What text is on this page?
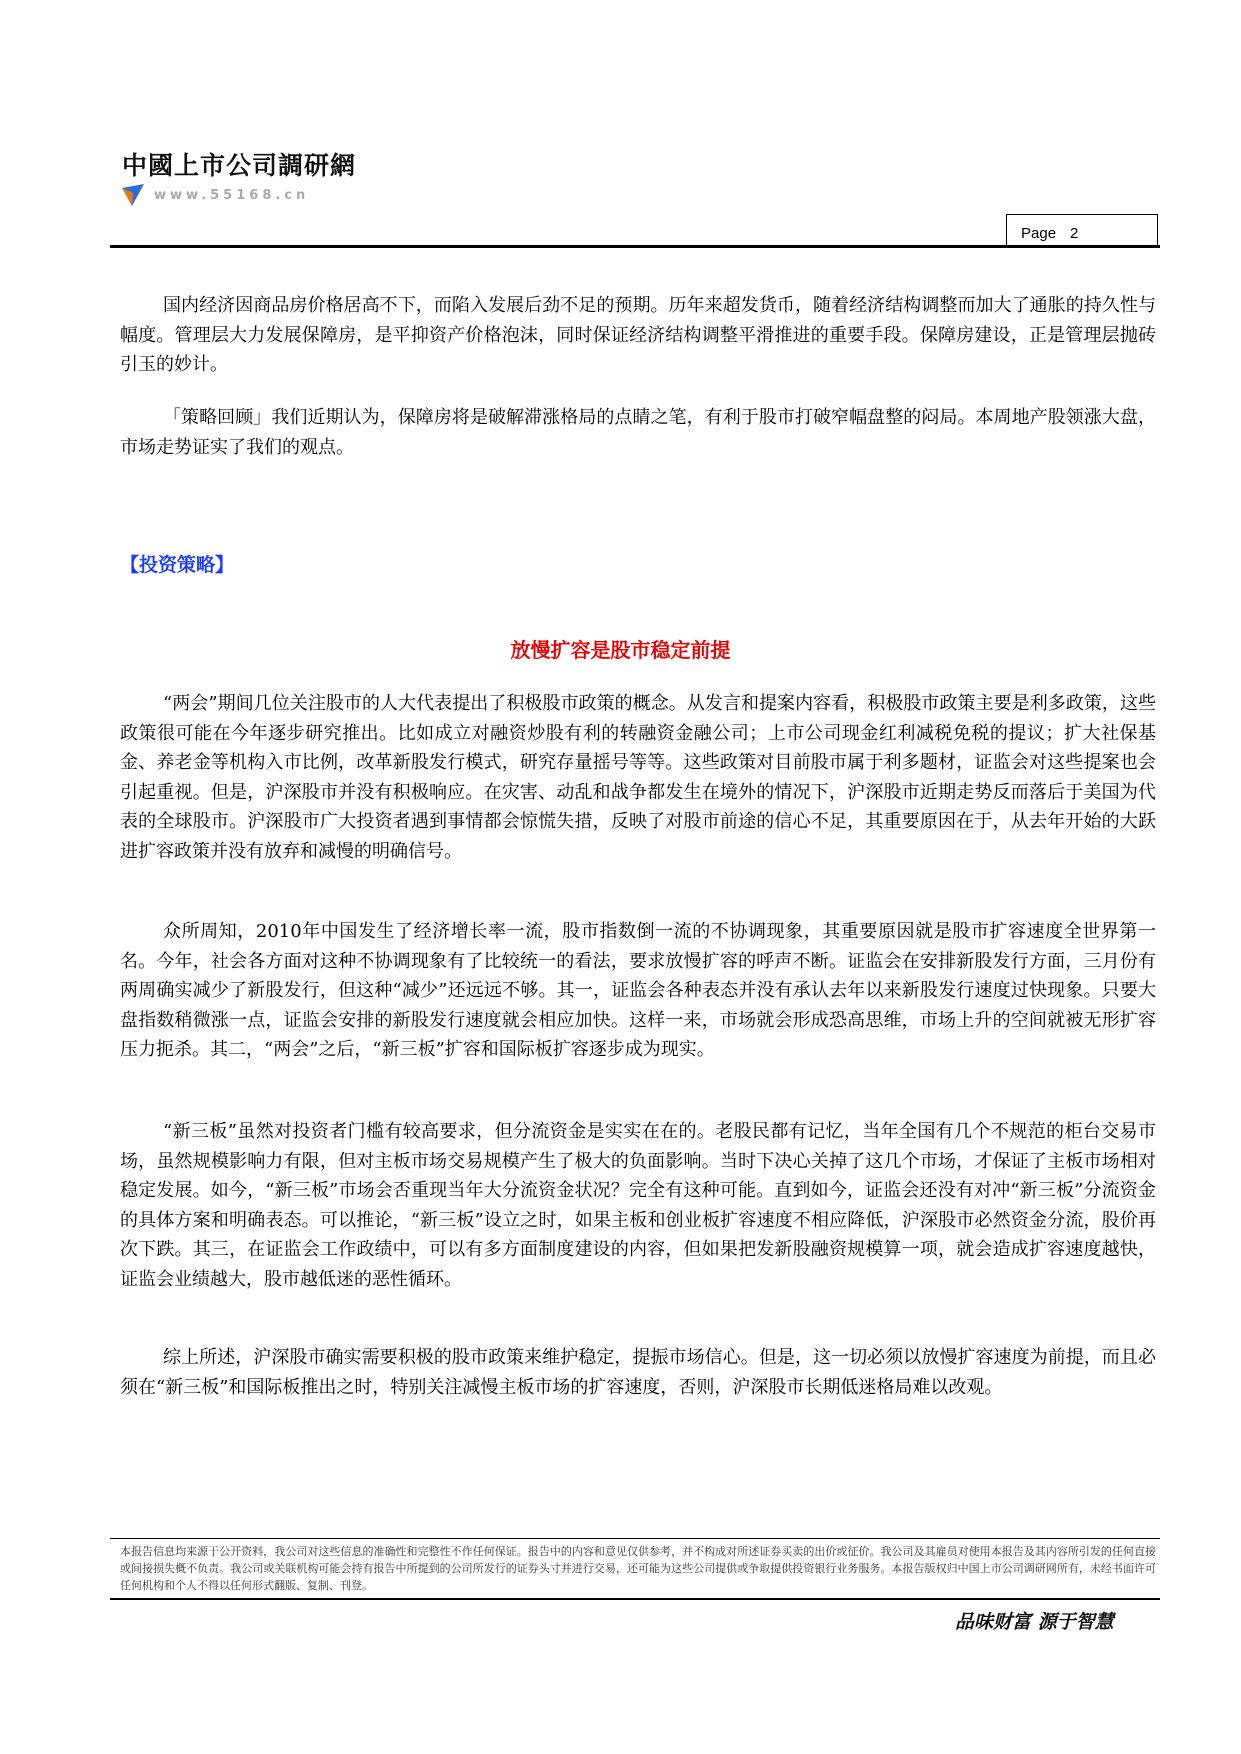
中國上市公司調研網
www.55168.cn
Page 2

国内经济因商品房价格居高不下，而陷入发展后劲不足的预期。历年来超发货币，随着经济结构调整而加大了通胀的持久性与幅度。管理层大力发展保障房，是平抑资产价格泡沫，同时保证经济结构调整平滑推进的重要手段。保障房建设，正是管理层抛砖引玉的妙计。

「策略回顾」我们近期认为，保障房将是破解滞涨格局的点睛之笔，有利于股市打破窄幅盘整的闷局。本周地产股领涨大盘，市场走势证实了我们的观点。

【投资策略】
放慢扩容是股市稳定前提

“两会”期间几位关注股市的人大代表提出了积极股市政策的概念。从发言和提案内容看，积极股市政策主要是利多政策，这些政策很可能在今年逐步研究推出。比如成立对融资炒股有利的转融资金融公司；上市公司现金红利减税免税的提议；扩大社保基金、养老金等机构入市比例，改革新股发行模式，研究存量摇号等等。这些政策对目前股市属于利多题材，证监会对这些提案也会引起重视。但是，沪深股市并没有积极响应。在灾害、动乱和战争都发生在境外的情况下，沪深股市近期走势反而落后于美国为代表的全球股市。沪深股市广大投资者遇到事情都会惊慌失措，反映了对股市前途的信心不足，其重要原因在于，从去年开始的大跃进扩容政策并没有放弃和减慢的明确信号。

众所周知，2010年中国发生了经济增长率一流，股市指数倒一流的不协调现象，其重要原因就是股市扩容速度全世界第一名。今年，社会各方面对这种不协调现象有了比较统一的看法，要求放慢扩容的呼声不断。证监会在安排新股发行方面，三月份有两周确实减少了新股发行，但这种“减少”还远远不够。其一，证监会各种表态并没有承认去年以来新股发行速度过快现象。只要大盘指数稍微涨一点，证监会安排的新股发行速度就会相应加快。这样一来，市场就会形成恐高思维，市场上升的空间就被无形扩容压力扼杀。其二，“两会”之后，“新三板”扩容和国际板扩容逐步成为现实。

“新三板”虽然对投资者门槛有较高要求，但分流资金是实实在在的。老股民都有记忆，当年全国有几个不规范的柜台交易市场，虽然规模影响力有限，但对主板市场交易规模产生了极大的负面影响。当时下决心关掉了这几个市场，才保证了主板市场相对稳定发展。如今，“新三板”市场会否重现当年大分流资金状况？完全有这种可能。直到如今，证监会还没有对冲“新三板”分流资金的具体方案和明确表态。可以推论，“新三板”设立之时，如果主板和创业板扩容速度不相应降低，沪深股市必然资金分流，股价再次下跌。其三，在证监会工作政绩中，可以有多方面制度建设的内容，但如果把发新股融资规模算一项，就会造成扩容速度越快，证监会业绩越大，股市越低迷的恶性循环。

综上所述，沪深股市确实需要积极的股市政策来维护稳定，提振市场信心。但是，这一切必须以放慢扩容速度为前提，而且必须在“新三板”和国际板推出之时，特别关注减慢主板市场的扩容速度，否则，沪深股市长期低迷格局难以改观。

本报告信息均来源于公开资料，我公司对这些信息的准确性和完整性不作任何保证。报告中的内容和意见仅供参考，并不构成对所述证券买卖的出价或征价。我公司及其雇员对使用本报告及其内容所引发的任何直接或间接损失概不负责。我公司或关联机构可能会持有报告中所提到的公司所发行的证券头寸并进行交易，还可能为这些公司提供或争取提供投资银行业务服务。本报告版权归中国上市公司调研网所有，未经书面许可任何机构和个人不得以任何形式翻版、复制、刊登。

品味财富 源于智慧
